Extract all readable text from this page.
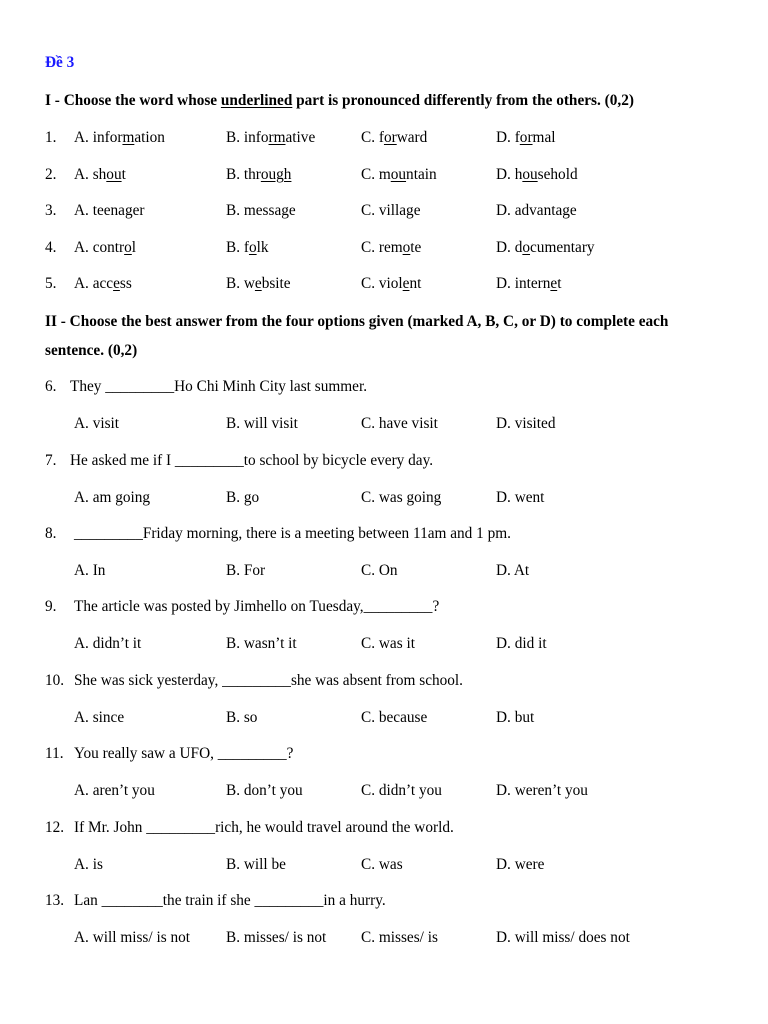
Đề 3
I - Choose the word whose underlined part is pronounced differently from the others. (0,2)
1. A. information	B. informative	C. forward	D. formal
2. A. shout	B. through	C. mountain	D. household
3. A. teenager	B. message	C. village	D. advantage
4. A. control	B. folk	C. remote	D. documentary
5. A. access	B. website	C. violent	D. internet
II - Choose the best answer from the four options given (marked A, B, C, or D) to complete each
sentence. (0,2)
6. They _________Ho Chi Minh City last summer.
A. visit	B. will visit	C. have visit	D. visited
7. He asked me if I _________to school by bicycle every day.
A. am going	B. go	C. was going	D. went
8. _________Friday morning, there is a meeting between 11am and 1 pm.
A. In	B. For	C. On	D. At
9. The article was posted by Jimhello on Tuesday,_________?
A. didn’t it	B. wasn’t it	C. was it	D. did it
10. She was sick yesterday, _________she was absent from school.
A. since	B. so	C. because	D. but
11. You really saw a UFO, _________?
A. aren’t you	B. don’t you	C. didn’t you	D. weren’t you
12. If Mr. John _________rich, he would travel around the world.
A. is	B. will be	C. was	D. were
13. Lan ________the train if she _________in a hurry.
A. will miss/ is not B. misses/ is not C. misses/ is	D. will miss/ does not
